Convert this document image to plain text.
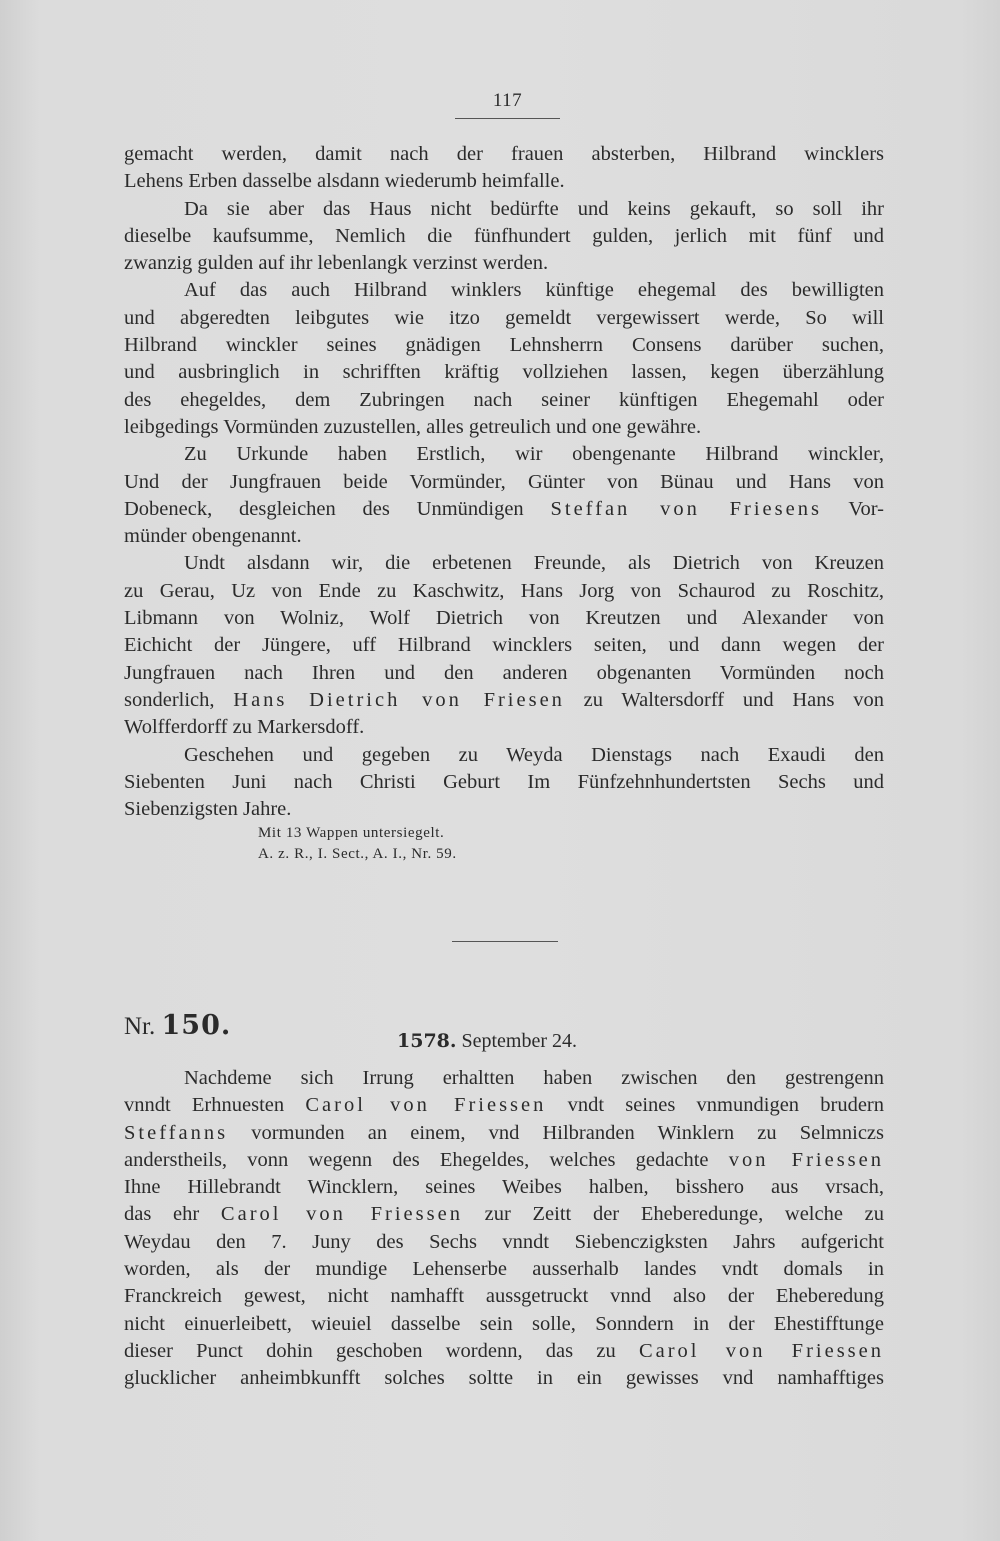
117
gemacht werden, damit nach der frauen absterben, Hilbrand wincklers
Lehens Erben dasselbe alsdann wiederumb heimfalle.
Da sie aber das Haus nicht bedürfte und keins gekauft, so soll ihr
dieselbe kaufsumme, Nemlich die fünfhundert gulden, jerlich mit fünf und
zwanzig gulden auf ihr lebenlangk verzinst werden.
Auf das auch Hilbrand winklers künftige ehegemal des bewilligten
und abgeredten leibgutes wie itzo gemeldt vergewissert werde, So will
Hilbrand winckler seines gnädigen Lehnsherrn Consens darüber suchen,
und ausbringlich in schrifften kräftig vollziehen lassen, kegen überzählung
des ehegeldes, dem Zubringen nach seiner künftigen Ehegemahl oder
leibgedings Vormünden zuzustellen, alles getreulich und one gewähre.
Zu Urkunde haben Erstlich, wir obengenante Hilbrand winckler,
Und der Jungfrauen beide Vormünder, Günter von Bünau und Hans von
Dobeneck, desgleichen des Unmündigen Steffan von Friesens Vor-
münder obengenannt.
Undt alsdann wir, die erbetenen Freunde, als Dietrich von Kreuzen
zu Gerau, Uz von Ende zu Kaschwitz, Hans Jorg von Schaurod zu Roschitz,
Libmann von Wolniz, Wolf Dietrich von Kreutzen und Alexander von
Eichicht der Jüngere, uff Hilbrand wincklers seiten, und dann wegen der
Jungfrauen nach Ihren und den anderen obgenanten Vormünden noch
sonderlich, Hans Dietrich von Friesen zu Waltersdorff und Hans von
Wolfferdorff zu Markersdoff.
Geschehen und gegeben zu Weyda Dienstags nach Exaudi den
Siebenten Juni nach Christi Geburt Im Fünfzehnhundertsten Sechs und
Siebenzigsten Jahre.
Mit 13 Wappen untersiegelt.
A. z. R., I. Sect., A. I., Nr. 59.
Nr. 150.	1578. September 24.
Nachdeme sich Irrung erhaltten haben zwischen den gestrengenn
vnndt Erhnuesten Carol von Friessen vndt seines vnmundigen brudern
Steffanns vormunden an einem, vnd Hilbranden Winklern zu Selmniczs
anderstheils, vonn wegenn des Ehegeldes, welches gedachte von Friessen
Ihne Hillebrandt Wincklern, seines Weibes halben, bisshero aus vrsach,
das ehr Carol von Friessen zur Zeitt der Eheberedunge, welche zu
Weydau den 7. Juny des Sechs vnndt Siebenczigksten Jahrs aufgericht
worden, als der mundige Lehenserbe ausserhalb landes vndt domals in
Franckreich gewest, nicht namhafft aussgetruckt vnnd also der Eheberedung
nicht einuerleibett, wieuiel dasselbe sein solle, Sonndern in der Ehestifftunge
dieser Punct dohin geschoben wordenn, das zu Carol von Friessen
glucklicher anheimbkunfft solches soltte in ein gewisses vnd namhafftiges
